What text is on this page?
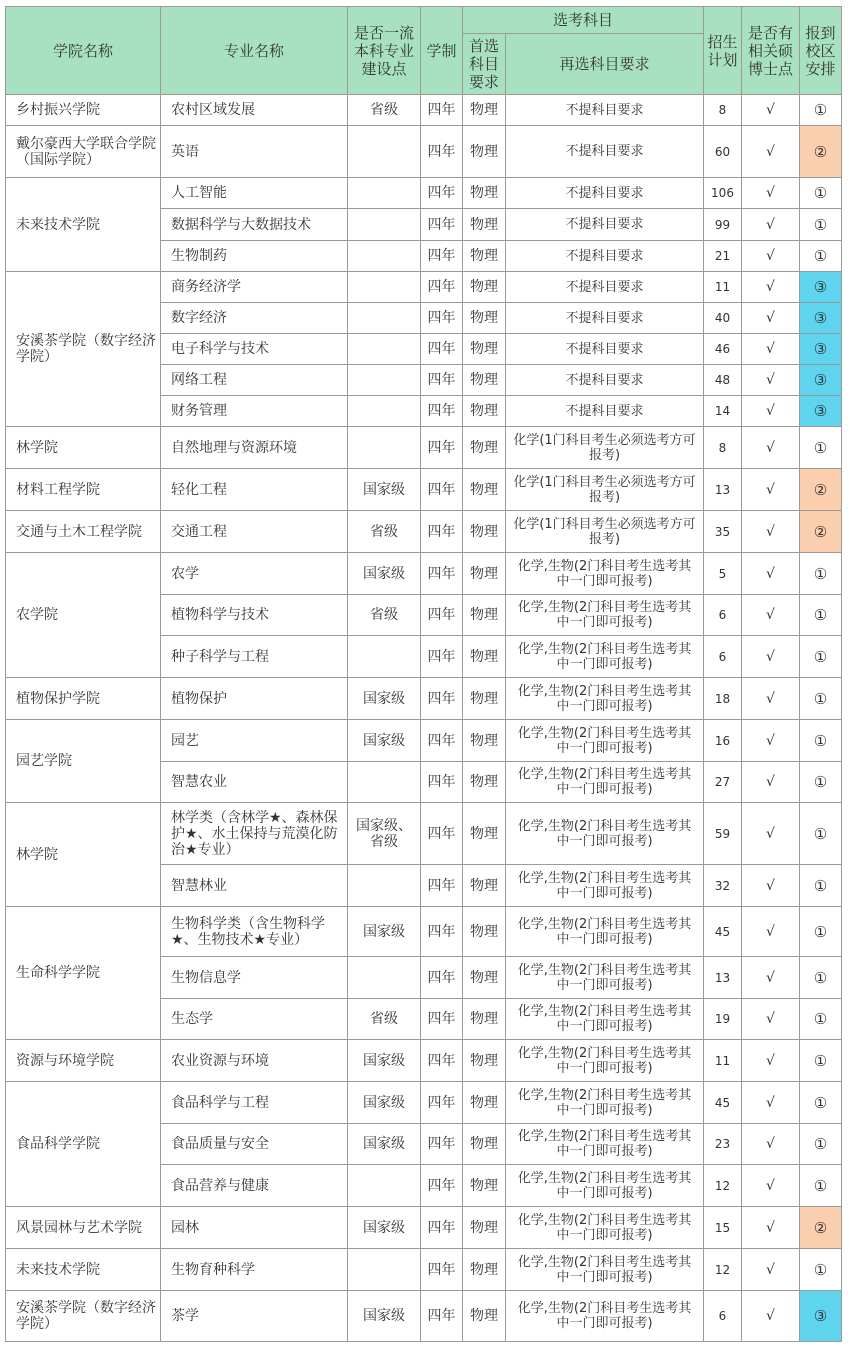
学院名称	专业名称	是否一流本科专业建设点	学制	选考科目		招生计划	是否有相关硕博士点	报到校区安排
				首选科目要求	再选科目要求			
乡村振兴学院	农村区域发展	省级	四年	物理	不提科目要求	8	√	①
戴尔豪西大学联合学院（国际学院）	英语		四年	物理	不提科目要求	60	√	②
未来技术学院	人工智能		四年	物理	不提科目要求	106	√	①
	数据科学与大数据技术		四年	物理	不提科目要求	99	√	①
	生物制药		四年	物理	不提科目要求	21	√	①
安溪茶学院（数字经济学院）	商务经济学		四年	物理	不提科目要求	11	√	③
	数字经济		四年	物理	不提科目要求	40	√	③
	电子科学与技术		四年	物理	不提科目要求	46	√	③
	网络工程		四年	物理	不提科目要求	48	√	③
	财务管理		四年	物理	不提科目要求	14	√	③
林学院	自然地理与资源环境		四年	物理	化学(1门科目考生必须选考方可报考)	8	√	①
材料工程学院	轻化工程	国家级	四年	物理	化学(1门科目考生必须选考方可报考)	13	√	②
交通与土木工程学院	交通工程	省级	四年	物理	化学(1门科目考生必须选考方可报考)	35	√	②
农学院	农学	国家级	四年	物理	化学,生物(2门科目考生选考其中一门即可报考)	5	√	①
	植物科学与技术	省级	四年	物理	化学,生物(2门科目考生选考其中一门即可报考)	6	√	①
	种子科学与工程		四年	物理	化学,生物(2门科目考生选考其中一门即可报考)	6	√	①
植物保护学院	植物保护	国家级	四年	物理	化学,生物(2门科目考生选考其中一门即可报考)	18	√	①
园艺学院	园艺	国家级	四年	物理	化学,生物(2门科目考生选考其中一门即可报考)	16	√	①
	智慧农业		四年	物理	化学,生物(2门科目考生选考其中一门即可报考)	27	√	①
林学院	林学类（含林学★、森林保护★、水土保持与荒漠化防治★专业）	国家级、省级	四年	物理	化学,生物(2门科目考生选考其中一门即可报考)	59	√	①
	智慧林业		四年	物理	化学,生物(2门科目考生选考其中一门即可报考)	32	√	①
生命科学学院	生物科学类（含生物科学★、生物技术★专业）	国家级	四年	物理	化学,生物(2门科目考生选考其中一门即可报考)	45	√	①
	生物信息学		四年	物理	化学,生物(2门科目考生选考其中一门即可报考)	13	√	①
	生态学	省级	四年	物理	化学,生物(2门科目考生选考其中一门即可报考)	19	√	①
资源与环境学院	农业资源与环境	国家级	四年	物理	化学,生物(2门科目考生选考其中一门即可报考)	11	√	①
食品科学学院	食品科学与工程	国家级	四年	物理	化学,生物(2门科目考生选考其中一门即可报考)	45	√	①
	食品质量与安全	国家级	四年	物理	化学,生物(2门科目考生选考其中一门即可报考)	23	√	①
	食品营养与健康		四年	物理	化学,生物(2门科目考生选考其中一门即可报考)	12	√	①
风景园林与艺术学院	园林	国家级	四年	物理	化学,生物(2门科目考生选考其中一门即可报考)	15	√	②
未来技术学院	生物育种科学		四年	物理	化学,生物(2门科目考生选考其中一门即可报考)	12	√	①
安溪茶学院（数字经济学院）	茶学	国家级	四年	物理	化学,生物(2门科目考生选考其中一门即可报考)	6	√	③
